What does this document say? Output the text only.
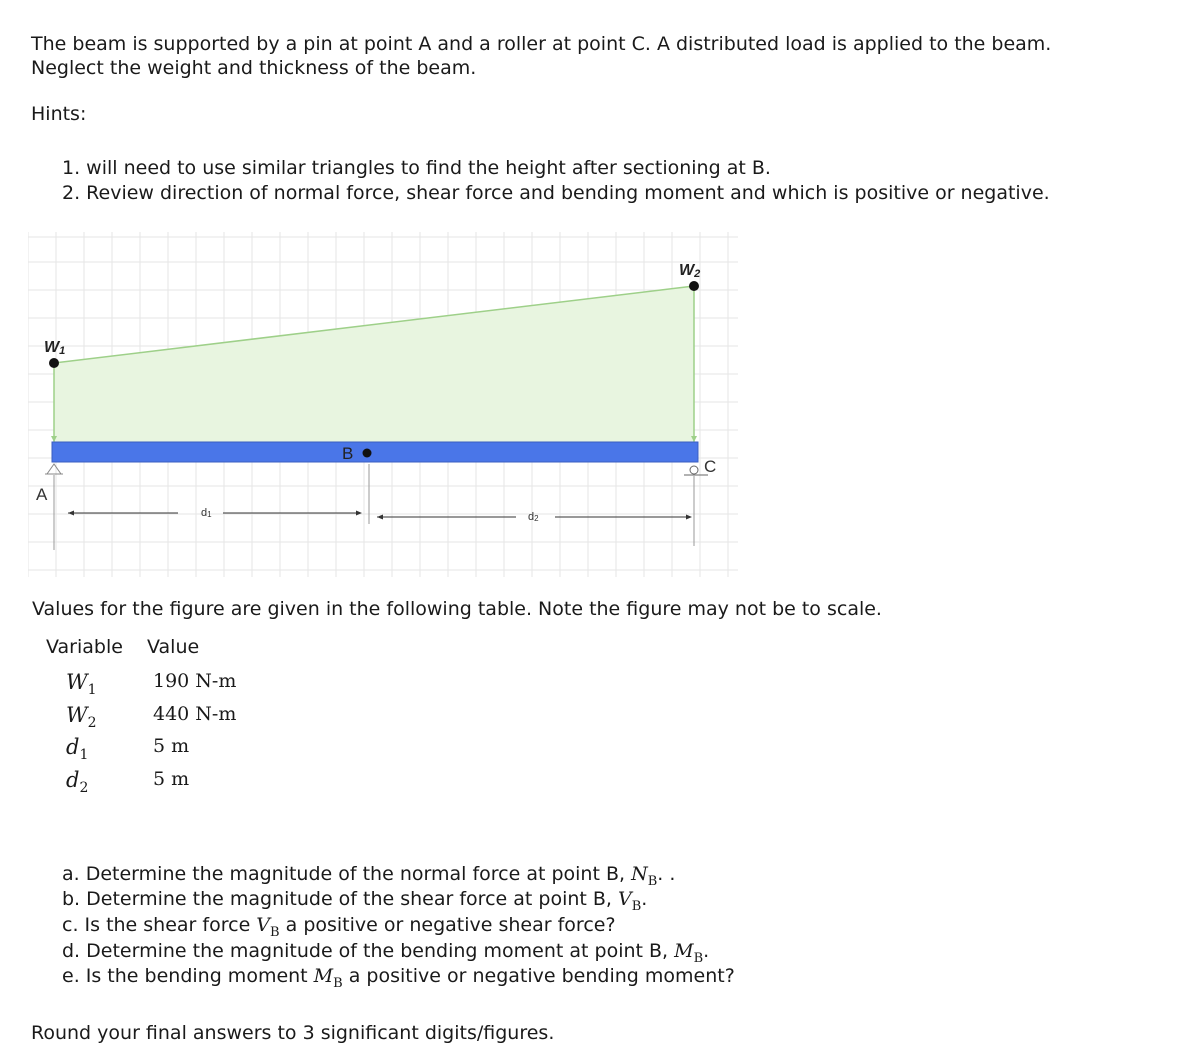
The beam is supported by a pin at point A and a roller at point C. A distributed load is applied to the beam.
Neglect the weight and thickness of the beam.
Hints:
1. will need to use similar triangles to find the height after sectioning at B.
2. Review direction of normal force, shear force and bending moment and which is positive or negative.
W1
W2
A
C
B
d1	d2
Values for the figure are given in the following table. Note the figure may not be to scale.
Variable Value
$W_1$	190 N-m
$W_2$	440 N-m
$d_1$	5 m
$d_2$	5 m
a. Determine the magnitude of the normal force at point B, $N_B$. .
b. Determine the magnitude of the shear force at point B, $V_B$.
c. Is the shear force $V_B$ a positive or negative shear force?
d. Determine the magnitude of the bending moment at point B, $M_B$.
e. Is the bending moment $M_B$ a positive or negative bending moment?
Round your final answers to 3 significant digits/figures.
